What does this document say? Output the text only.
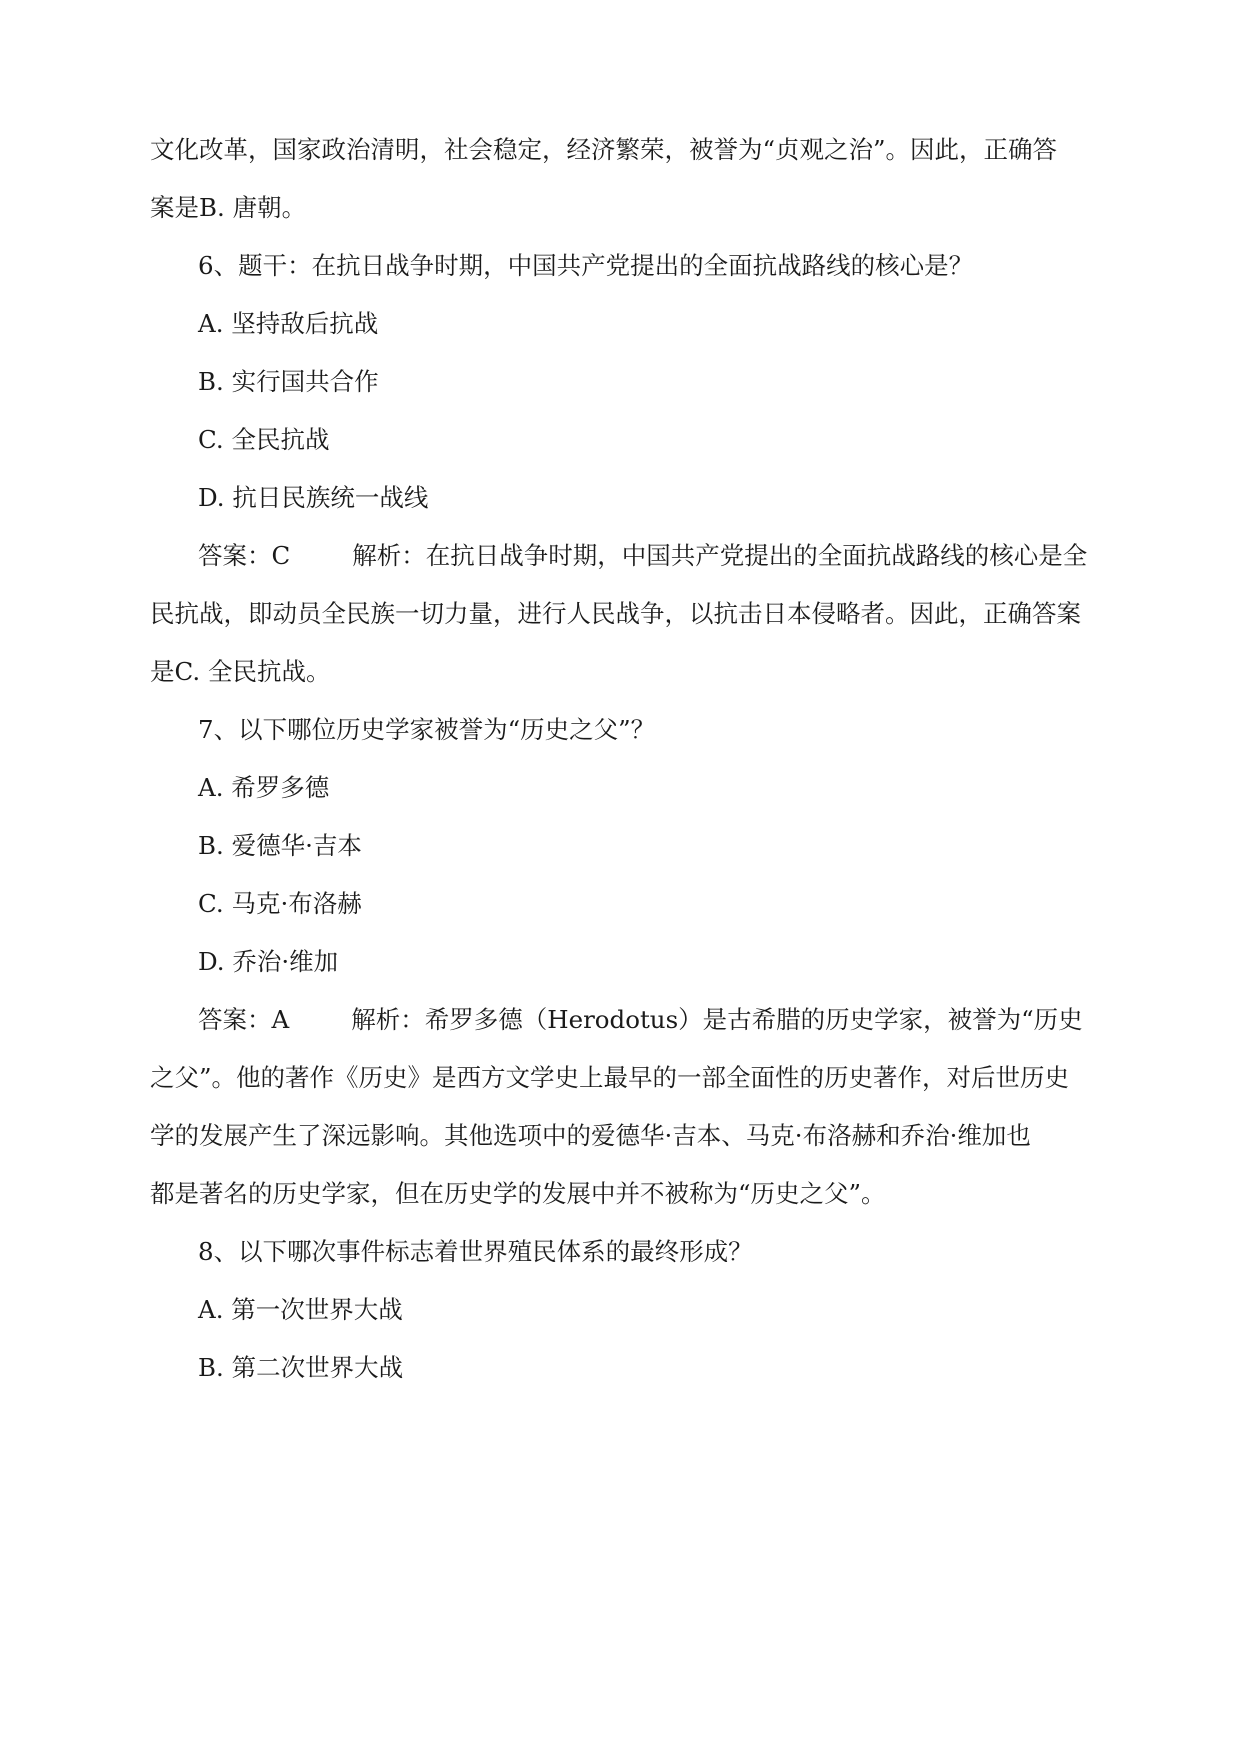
文化改革，国家政治清明，社会稳定，经济繁荣，被誉为“贞观之治”。因此，正确答

案是B. 唐朝。

6、题干：在抗日战争时期，中国共产党提出的全面抗战路线的核心是？

A. 坚持敌后抗战

B. 实行国共合作

C. 全民抗战

D. 抗日民族统一战线

答案：C	解析：在抗日战争时期，中国共产党提出的全面抗战路线的核心是全

民抗战，即动员全民族一切力量，进行人民战争，以抗击日本侵略者。因此，正确答案

是C. 全民抗战。

7、以下哪位历史学家被誉为“历史之父”？

A. 希罗多德

B. 爱德华·吉本

C. 马克·布洛赫

D. 乔治·维加

答案：A	解析：希罗多德（Herodotus）是古希腊的历史学家，被誉为“历史

之父”。他的著作《历史》是西方文学史上最早的一部全面性的历史著作，对后世历史

学的发展产生了深远影响。其他选项中的爱德华·吉本、马克·布洛赫和乔治·维加也

都是著名的历史学家，但在历史学的发展中并不被称为“历史之父”。

8、以下哪次事件标志着世界殖民体系的最终形成？

A. 第一次世界大战

B. 第二次世界大战
